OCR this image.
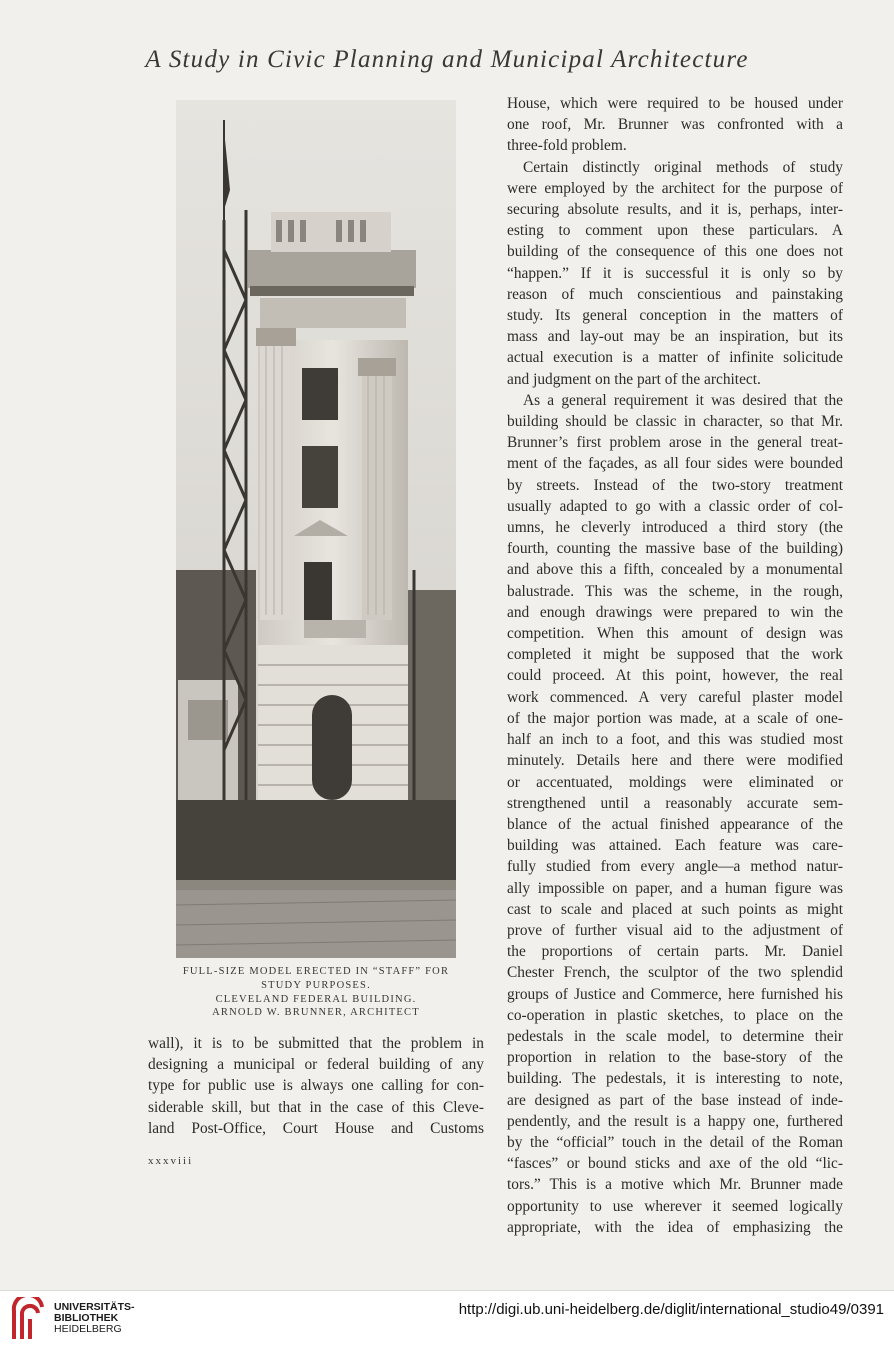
A Study in Civic Planning and Municipal Architecture
FULL-SIZE MODEL ERECTED IN “STAFF” FOR
STUDY PURPOSES.
CLEVELAND FEDERAL BUILDING.
ARNOLD W. BRUNNER, ARCHITECT
wall), it is to be submitted that the problem in
designing a municipal or federal building of any
type for public use is always one calling for con-
siderable skill, but that in the case of this Cleve-
land Post-Office, Court House and Customs
House, which were required to be housed under
one roof, Mr. Brunner was confronted with a
three-fold problem.
Certain distinctly original methods of study
were employed by the architect for the purpose of
securing absolute results, and it is, perhaps, inter-
esting to comment upon these particulars. A
building of the consequence of this one does not
“happen.” If it is successful it is only so by
reason of much conscientious and painstaking
study. Its general conception in the matters of
mass and lay-out may be an inspiration, but its
actual execution is a matter of infinite solicitude
and judgment on the part of the architect.
As a general requirement it was desired that the
building should be classic in character, so that Mr.
Brunner’s first problem arose in the general treat-
ment of the façades, as all four sides were bounded
by streets. Instead of the two-story treatment
usually adapted to go with a classic order of col-
umns, he cleverly introduced a third story (the
fourth, counting the massive base of the building)
and above this a fifth, concealed by a monumental
balustrade. This was the scheme, in the rough,
and enough drawings were prepared to win the
competition. When this amount of design was
completed it might be supposed that the work
could proceed. At this point, however, the real
work commenced. A very careful plaster model
of the major portion was made, at a scale of one-
half an inch to a foot, and this was studied most
minutely. Details here and there were modified
or accentuated, moldings were eliminated or
strengthened until a reasonably accurate sem-
blance of the actual finished appearance of the
building was attained. Each feature was care-
fully studied from every angle—a method natur-
ally impossible on paper, and a human figure was
cast to scale and placed at such points as might
prove of further visual aid to the adjustment of
the proportions of certain parts. Mr. Daniel
Chester French, the sculptor of the two splendid
groups of Justice and Commerce, here furnished his
co-operation in plastic sketches, to place on the
pedestals in the scale model, to determine their
proportion in relation to the base-story of the
building. The pedestals, it is interesting to note,
are designed as part of the base instead of inde-
pendently, and the result is a happy one, furthered
by the “official” touch in the detail of the Roman
“fasces” or bound sticks and axe of the old “lic-
tors.” This is a motive which Mr. Brunner made
opportunity to use wherever it seemed logically
appropriate, with the idea of emphasizing the
xxxviii
UNIVERSITÄTS-
BIBLIOTHEK
HEIDELBERG
http://digi.ub.uni-heidelberg.de/diglit/international_studio49/0391
